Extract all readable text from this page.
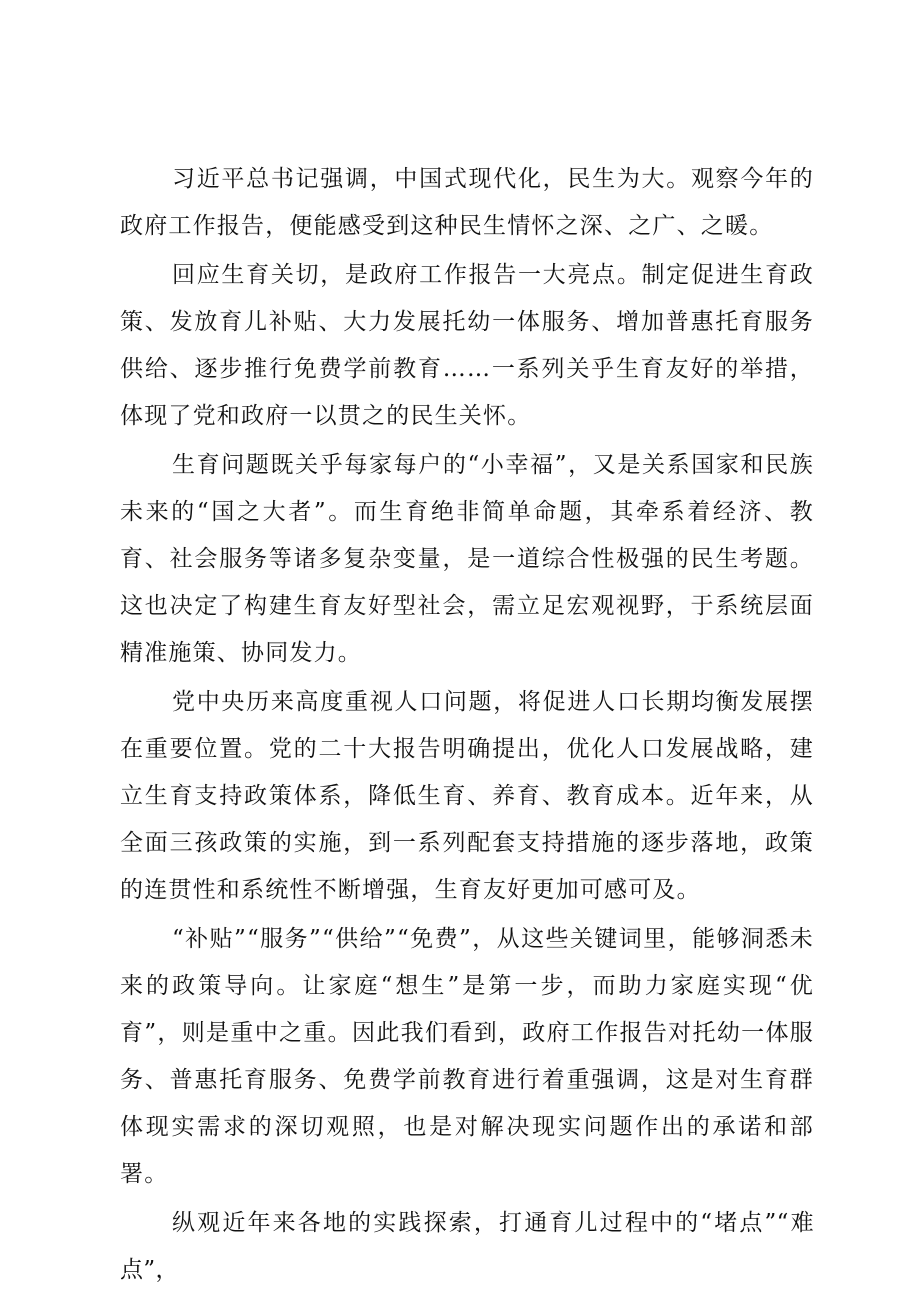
习近平总书记强调，中国式现代化，民生为大。观察今年的政府工作报告，便能感受到这种民生情怀之深、之广、之暖。

回应生育关切，是政府工作报告一大亮点。制定促进生育政策、发放育儿补贴、大力发展托幼一体服务、增加普惠托育服务供给、逐步推行免费学前教育……一系列关乎生育友好的举措，体现了党和政府一以贯之的民生关怀。

生育问题既关乎每家每户的“小幸福”，又是关系国家和民族未来的“国之大者”。而生育绝非简单命题，其牵系着经济、教育、社会服务等诸多复杂变量，是一道综合性极强的民生考题。这也决定了构建生育友好型社会，需立足宏观视野，于系统层面精准施策、协同发力。

党中央历来高度重视人口问题，将促进人口长期均衡发展摆在重要位置。党的二十大报告明确提出，优化人口发展战略，建立生育支持政策体系，降低生育、养育、教育成本。近年来，从全面三孩政策的实施，到一系列配套支持措施的逐步落地，政策的连贯性和系统性不断增强，生育友好更加可感可及。

“补贴”“服务”“供给”“免费”，从这些关键词里，能够洞悉未来的政策导向。让家庭“想生”是第一步，而助力家庭实现“优育”，则是重中之重。因此我们看到，政府工作报告对托幼一体服务、普惠托育服务、免费学前教育进行着重强调，这是对生育群体现实需求的深切观照，也是对解决现实问题作出的承诺和部署。

纵观近年来各地的实践探索，打通育儿过程中的“堵点”“难点”，
